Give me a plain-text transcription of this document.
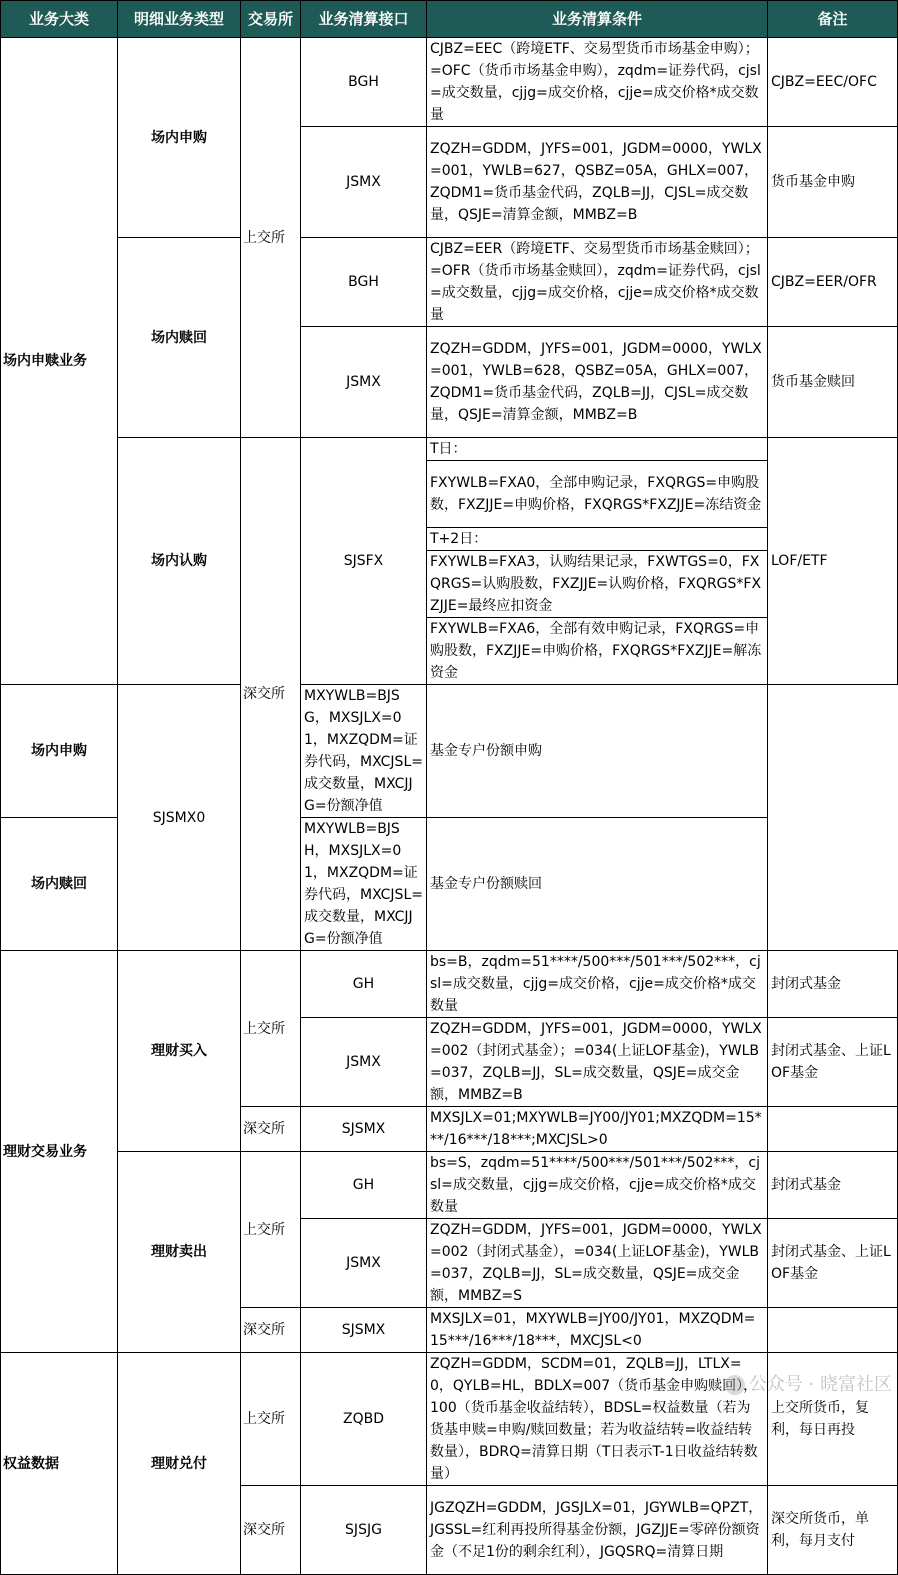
业务大类	明细业务类型	交易所	业务清算接口	业务清算条件	备注
场内申赎业务	场内申购	上交所	BGH	CJBZ=EEC（跨境ETF、交易型货币市场基金申购）；=OFC（货币市场基金申购），zqdm=证券代码，cjsl=成交数量，cjjg=成交价格，cjje=成交价格*成交数量	CJBZ=EEC/OFC
			JSMX	ZQZH=GDDM，JYFS=001，JGDM=0000，YWLX=001，YWLB=627，QSBZ=05A，GHLX=007，ZQDM1=货币基金代码，ZQLB=JJ，CJSL=成交数量，QSJE=清算金额，MMBZ=B	货币基金申购
	场内赎回		BGH	CJBZ=EER（跨境ETF、交易型货币市场基金赎回）；=OFR（货币市场基金赎回），zqdm=证券代码，cjsl=成交数量，cjjg=成交价格，cjje=成交价格*成交数量	CJBZ=EER/OFR
			JSMX	ZQZH=GDDM，JYFS=001，JGDM=0000，YWLX=001，YWLB=628，QSBZ=05A，GHLX=007，ZQDM1=货币基金代码，ZQLB=JJ，CJSL=成交数量，QSJE=清算金额，MMBZ=B	货币基金赎回
	场内认购	深交所	SJSFX	T日：	LOF/ETF
				FXYWLB=FXA0，全部申购记录，FXQRGS=申购股数，FXZJJE=申购价格，FXQRGS*FXZJJE=冻结资金	
				T+2日：	
				FXYWLB=FXA3，认购结果记录，FXWTGS=0，FXQRGS=认购股数，FXZJJE=认购价格，FXQRGS*FXZJJE=最终应扣资金	
				FXYWLB=FXA6，全部有效申购记录，FXQRGS=申购股数，FXZJJE=申购价格，FXQRGS*FXZJJE=解冻资金	
场内申购	SJSMX0		MXYWLB=BJSG，MXSJLX=01，MXZQDM=证券代码，MXCJSL=成交数量，MXCJJG=份额净值	基金专户份额申购	
场内赎回			MXYWLB=BJSH，MXSJLX=01，MXZQDM=证券代码，MXCJSL=成交数量，MXCJJG=份额净值	基金专户份额赎回	
理财交易业务	理财买入	上交所	GH	bs=B，zqdm=51****/500***/501***/502***，cjsl=成交数量，cjjg=成交价格，cjje=成交价格*成交数量	封闭式基金
			JSMX	ZQZH=GDDM，JYFS=001，JGDM=0000，YWLX=002（封闭式基金）；=034(上证LOF基金)，YWLB=037，ZQLB=JJ，SL=成交数量，QSJE=成交金额，MMBZ=B	封闭式基金、上证LOF基金
		深交所	SJSMX	MXSJLX=01;MXYWLB=JY00/JY01;MXZQDM=15***/16***/18***;MXCJSL>0	
	理财卖出	上交所	GH	bs=S，zqdm=51****/500***/501***/502***，cjsl=成交数量，cjjg=成交价格，cjje=成交价格*成交数量	封闭式基金
			JSMX	ZQZH=GDDM，JYFS=001，JGDM=0000，YWLX=002（封闭式基金），=034(上证LOF基金)，YWLB=037，ZQLB=JJ，SL=成交数量，QSJE=成交金额，MMBZ=S	封闭式基金、上证LOF基金
		深交所	SJSMX	MXSJLX=01，MXYWLB=JY00/JY01，MXZQDM=15***/16***/18***，MXCJSL<0	
权益数据	理财兑付	上交所	ZQBD	ZQZH=GDDM，SCDM=01，ZQLB=JJ，LTLX=0，QYLB=HL，BDLX=007（货币基金申购赎回），100（货币基金收益结转），BDSL=权益数量（若为货基申赎=申购/赎回数量；若为收益结转=收益结转数量），BDRQ=清算日期（T日表示T-1日收益结转数量）	上交所货币，复利，每日再投
		深交所	SJSJG	JGZQZH=GDDM，JGSJLX=01，JGYWLB=QPZT，JGSSL=红利再投所得基金份额，JGZJJE=零碎份额资金（不足1份的剩余红利），JGQSRQ=清算日期	深交所货币，单利，每月支付
公众号 · 晓富社区
